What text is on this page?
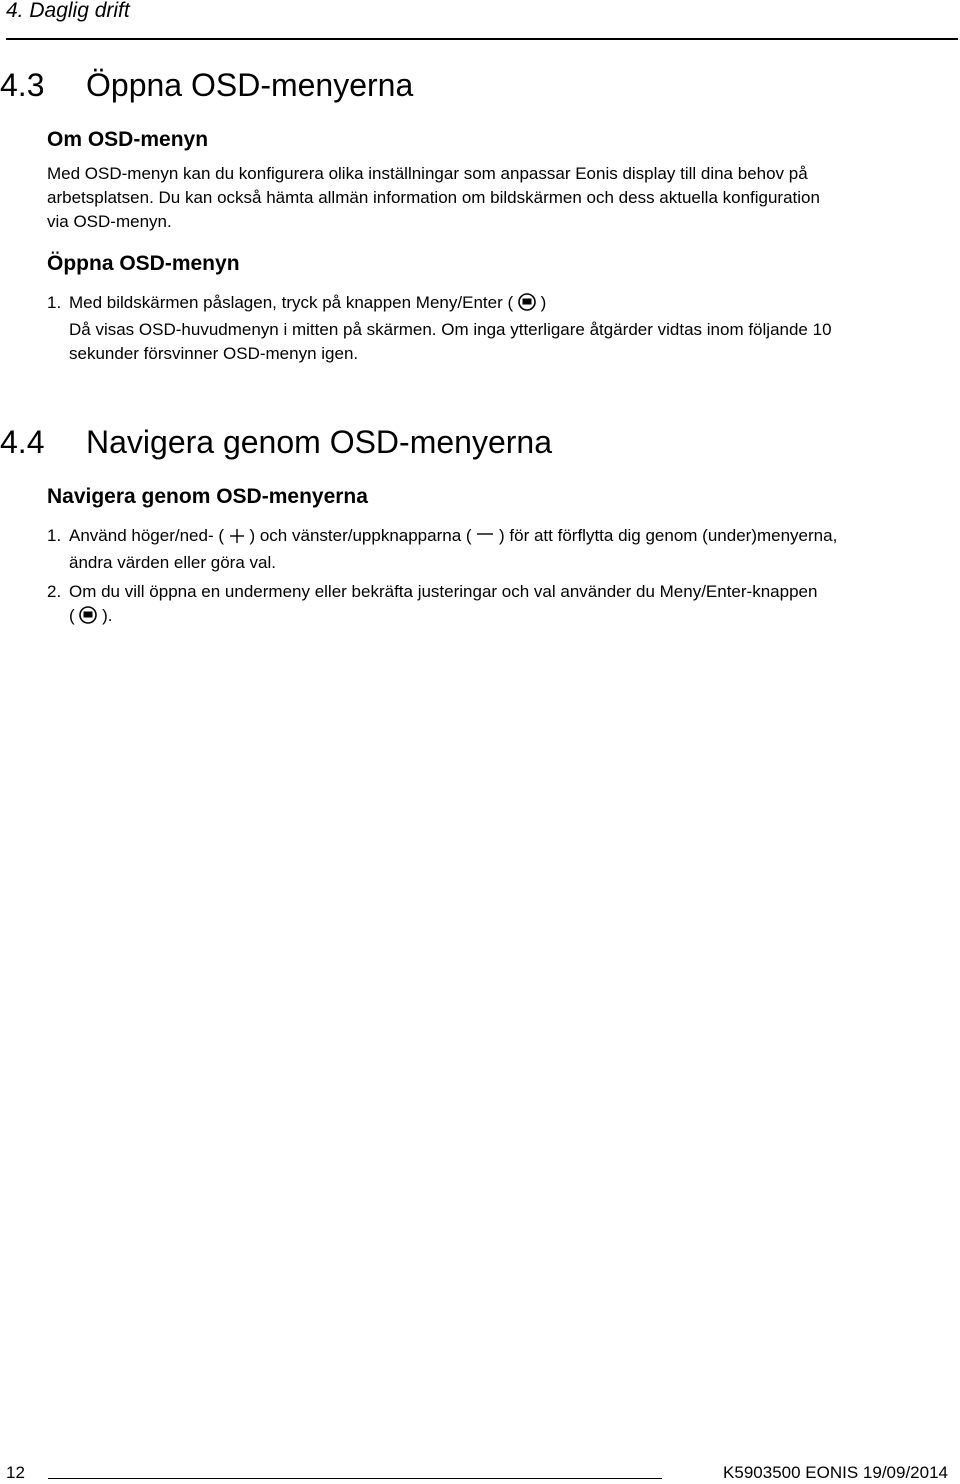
4. Daglig drift
4.3 Öppna OSD-menyerna
Om OSD-menyn
Med OSD-menyn kan du konfigurera olika inställningar som anpassar Eonis display till dina behov på
arbetsplatsen. Du kan också hämta allmän information om bildskärmen och dess aktuella konfiguration
via OSD-menyn.
Öppna OSD-menyn
1. Med bildskärmen påslagen, tryck på knappen Meny/Enter ( )
Då visas OSD-huvudmenyn i mitten på skärmen. Om inga ytterligare åtgärder vidtas inom följande 10
sekunder försvinner OSD-menyn igen.
4.4 Navigera genom OSD-menyerna
Navigera genom OSD-menyerna
1. Använd höger/ned- ( ) och vänster/uppknapparna ( ) för att förflytta dig genom (under)menyerna,
ändra värden eller göra val.
2. Om du vill öppna en undermeny eller bekräfta justeringar och val använder du Meny/Enter-knappen
( ).
12	K5903500 EONIS 19/09/2014
